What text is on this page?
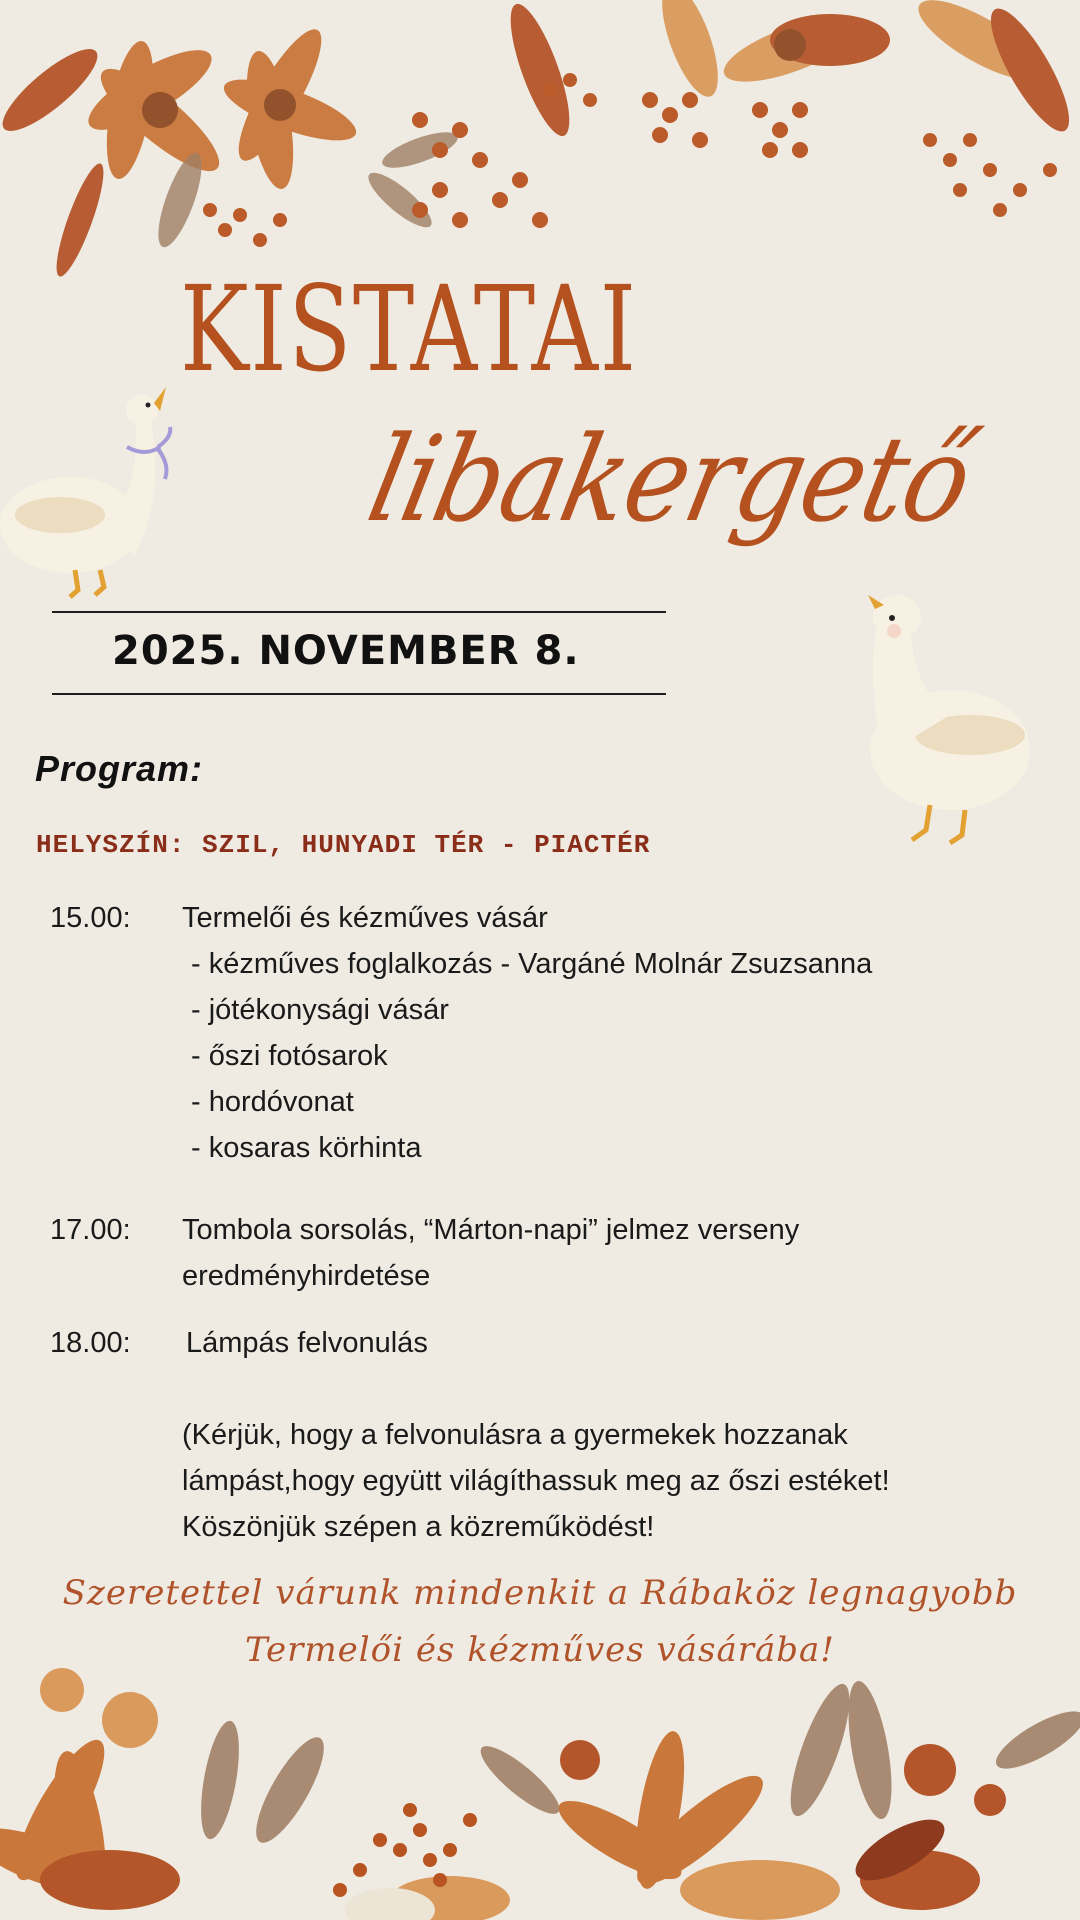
KISTATAI
libakergető
2025. NOVEMBER 8.
Program:
HELYSZÍN: SZIL, HUNYADI TÉR - PIACTÉR
15.00: Termelői és kézműves vásár
- kézműves foglalkozás - Vargáné Molnár Zsuzsanna
- jótékonysági vásár
- őszi fotósarok
- hordóvonat
- kosaras körhinta
17.00: Tombola sorsolás, “Márton-napi” jelmez verseny
eredményhirdetése
18.00: Lámpás felvonulás
(Kérjük, hogy a felvonulásra a gyermekek hozzanak
lámpást,hogy együtt világíthassuk meg az őszi estéket!
Köszönjük szépen a közreműködést!
Szeretettel várunk mindenkit a Rábaköz legnagyobb
Termelői és kézműves vásárába!
